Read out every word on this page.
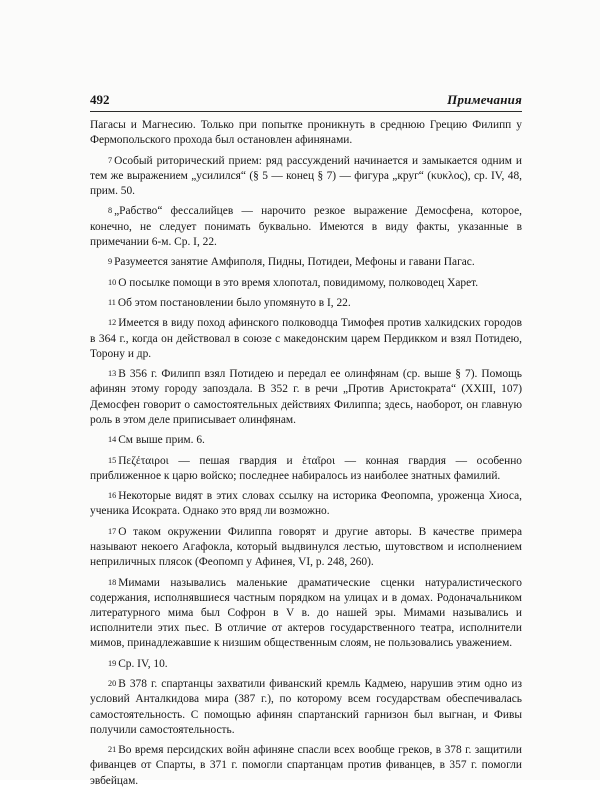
492	Примечания

Пагасы и Магнесию. Только при попытке проникнуть в среднюю Грецию Филипп у Фермопольского прохода был остановлен афинянами.

7 Особый риторический прием: ряд рассуждений начинается и замыкается одним и тем же выражением „усилился“ (§ 5 — конец § 7) — фигура „круг“ (κυκλος), ср. IV, 48, прим. 50.

8 „Рабство“ фессалийцев — нарочито резкое выражение Демосфена, которое, конечно, не следует понимать буквально. Имеются в виду факты, указанные в примечании 6-м. Ср. I, 22.

9 Разумеется занятие Амфиполя, Пидны, Потидеи, Мефоны и гавани Пагас.

10 О посылке помощи в это время хлопотал, повидимому, полководец Харет.

11 Об этом постановлении было упомянуто в I, 22.

12 Имеется в виду поход афинского полководца Тимофея против халкидских городов в 364 г., когда он действовал в союзе с македонским царем Пердикком и взял Потидею, Торону и др.

13 В 356 г. Филипп взял Потидею и передал ее олинфянам (ср. выше § 7). Помощь афинян этому городу запоздала. В 352 г. в речи „Против Аристократа“ (XXIII, 107) Демосфен говорит о самостоятельных действиях Филиппа; здесь, наоборот, он главную роль в этом деле приписывает олинфянам.

14 См выше прим. 6.

15 Πεζέταιροι — пешая гвардия и ἑταῖροι — конная гвардия — особенно приближенное к царю войско; последнее набиралось из наиболее знатных фамилий.

16 Некоторые видят в этих словах ссылку на историка Феопомпа, уроженца Хиоса, ученика Исократа. Однако это вряд ли возможно.

17 О таком окружении Филиппа говорят и другие авторы. В качестве примера называют некоего Агафокла, который выдвинулся лестью, шутовством и исполнением неприличных плясок (Феопомп у Афинея, VI, p. 248, 260).

18 Мимами назывались маленькие драматические сценки натуралистического содержания, исполнявшиеся частным порядком на улицах и в домах. Родоначальником литературного мима был Софрон в V в. до нашей эры. Мимами назывались и исполнители этих пьес. В отличие от актеров государственного театра, исполнители мимов, принадлежавшие к низшим общественным слоям, не пользовались уважением.

19 Ср. IV, 10.

20 В 378 г. спартанцы захватили фиванский кремль Кадмею, нарушив этим одно из условий Анталкидова мира (387 г.), по которому всем государствам обеспечивалась самостоятельность. С помощью афинян спартанский гарнизон был выгнан, и Фивы получили самостоятельность.

21 Во время персидских войн афиняне спасли всех вообще греков, в 378 г. защитили фиванцев от Спарты, в 371 г. помогли спартанцам против фиванцев, в 357 г. помогли эвбейцам.
